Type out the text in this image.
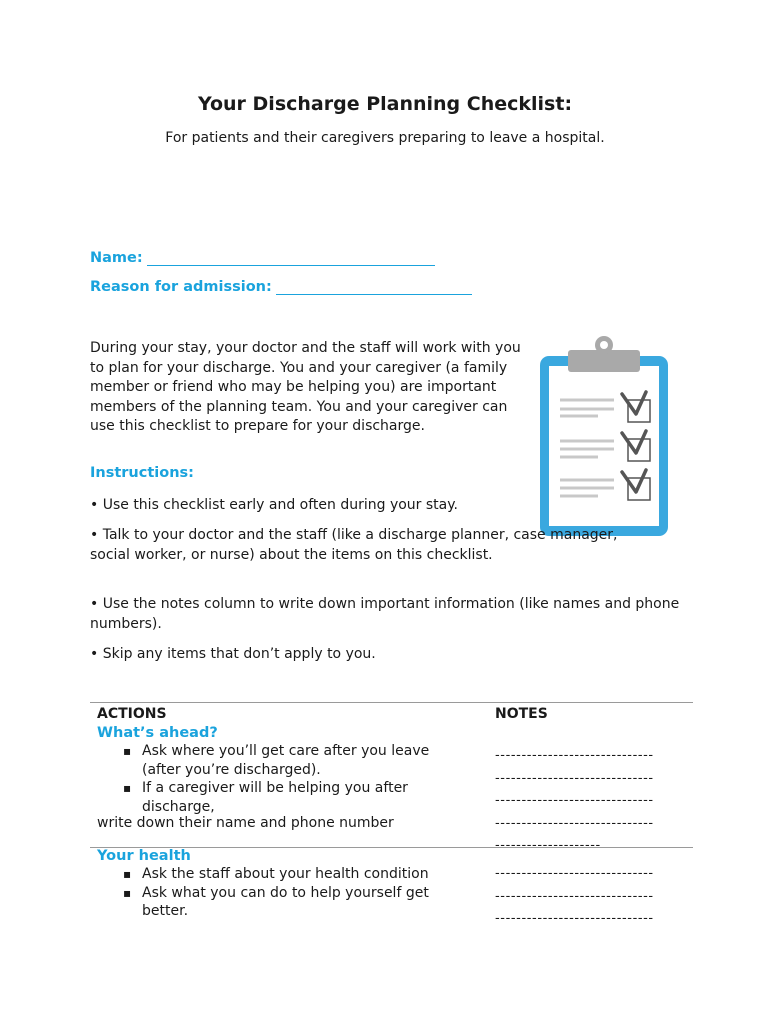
Your Discharge Planning Checklist:
For patients and their caregivers preparing to leave a hospital.
Name:
Reason for admission:
During your stay, your doctor and the staff will work with you to plan for your discharge. You and your caregiver (a family member or friend who may be helping you) are important members of the planning team. You and your caregiver can use this checklist to prepare for your discharge.
Instructions:
• Use this checklist early and often during your stay.
• Talk to your doctor and the staff (like a discharge planner, case manager, social worker, or nurse) about the items on this checklist.
• Use the notes column to write down important information (like names and phone numbers).
• Skip any items that don’t apply to you.
ACTIONS	NOTES
What’s ahead?
▪ Ask where you’ll get care after you leave (after you’re discharged).
▪ If a caregiver will be helping you after discharge,
write down their name and phone number
------------------------------
------------------------------
------------------------------
------------------------------
--------------------
Your health
▪ Ask the staff about your health condition
▪ Ask what you can do to help yourself get better.
------------------------------
------------------------------
------------------------------
